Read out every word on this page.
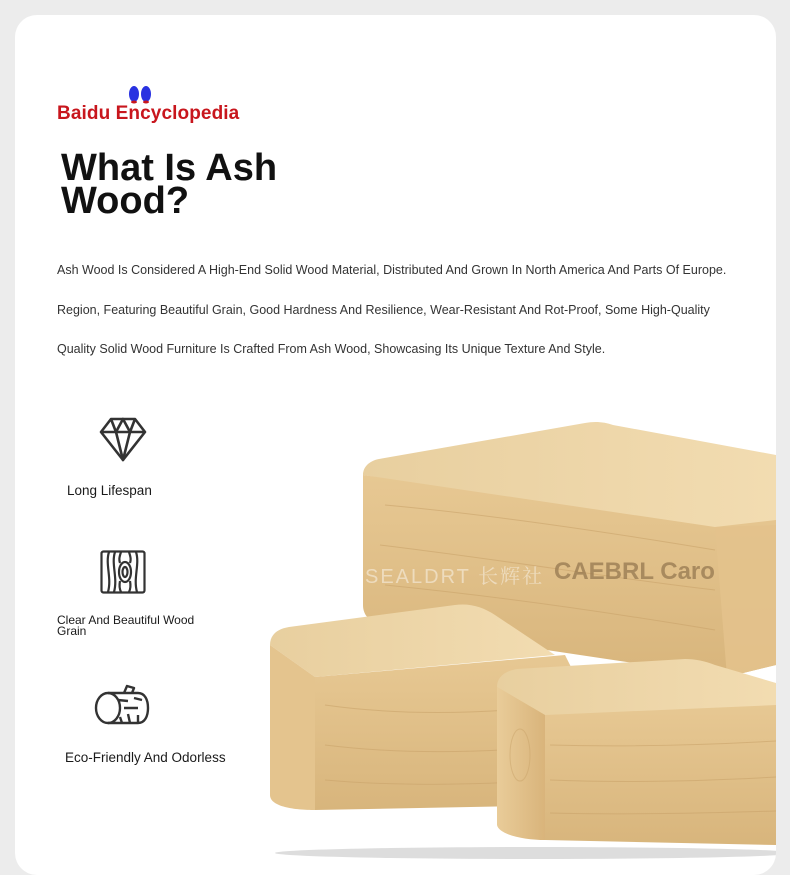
Baidu Encyclopedia
What Is Ash Wood?

Ash Wood Is Considered A High-End Solid Wood Material, Distributed And Grown In North America And Parts Of Europe.

Region, Featuring Beautiful Grain, Good Hardness And Resilience, Wear-Resistant And Rot-Proof, Some High-Quality

Quality Solid Wood Furniture Is Crafted From Ash Wood, Showcasing Its Unique Texture And Style.

Long Lifespan
Clear And Beautiful Wood Grain
Eco-Friendly And Odorless
SEALDRT 长辉社 CAEBRL Caro
